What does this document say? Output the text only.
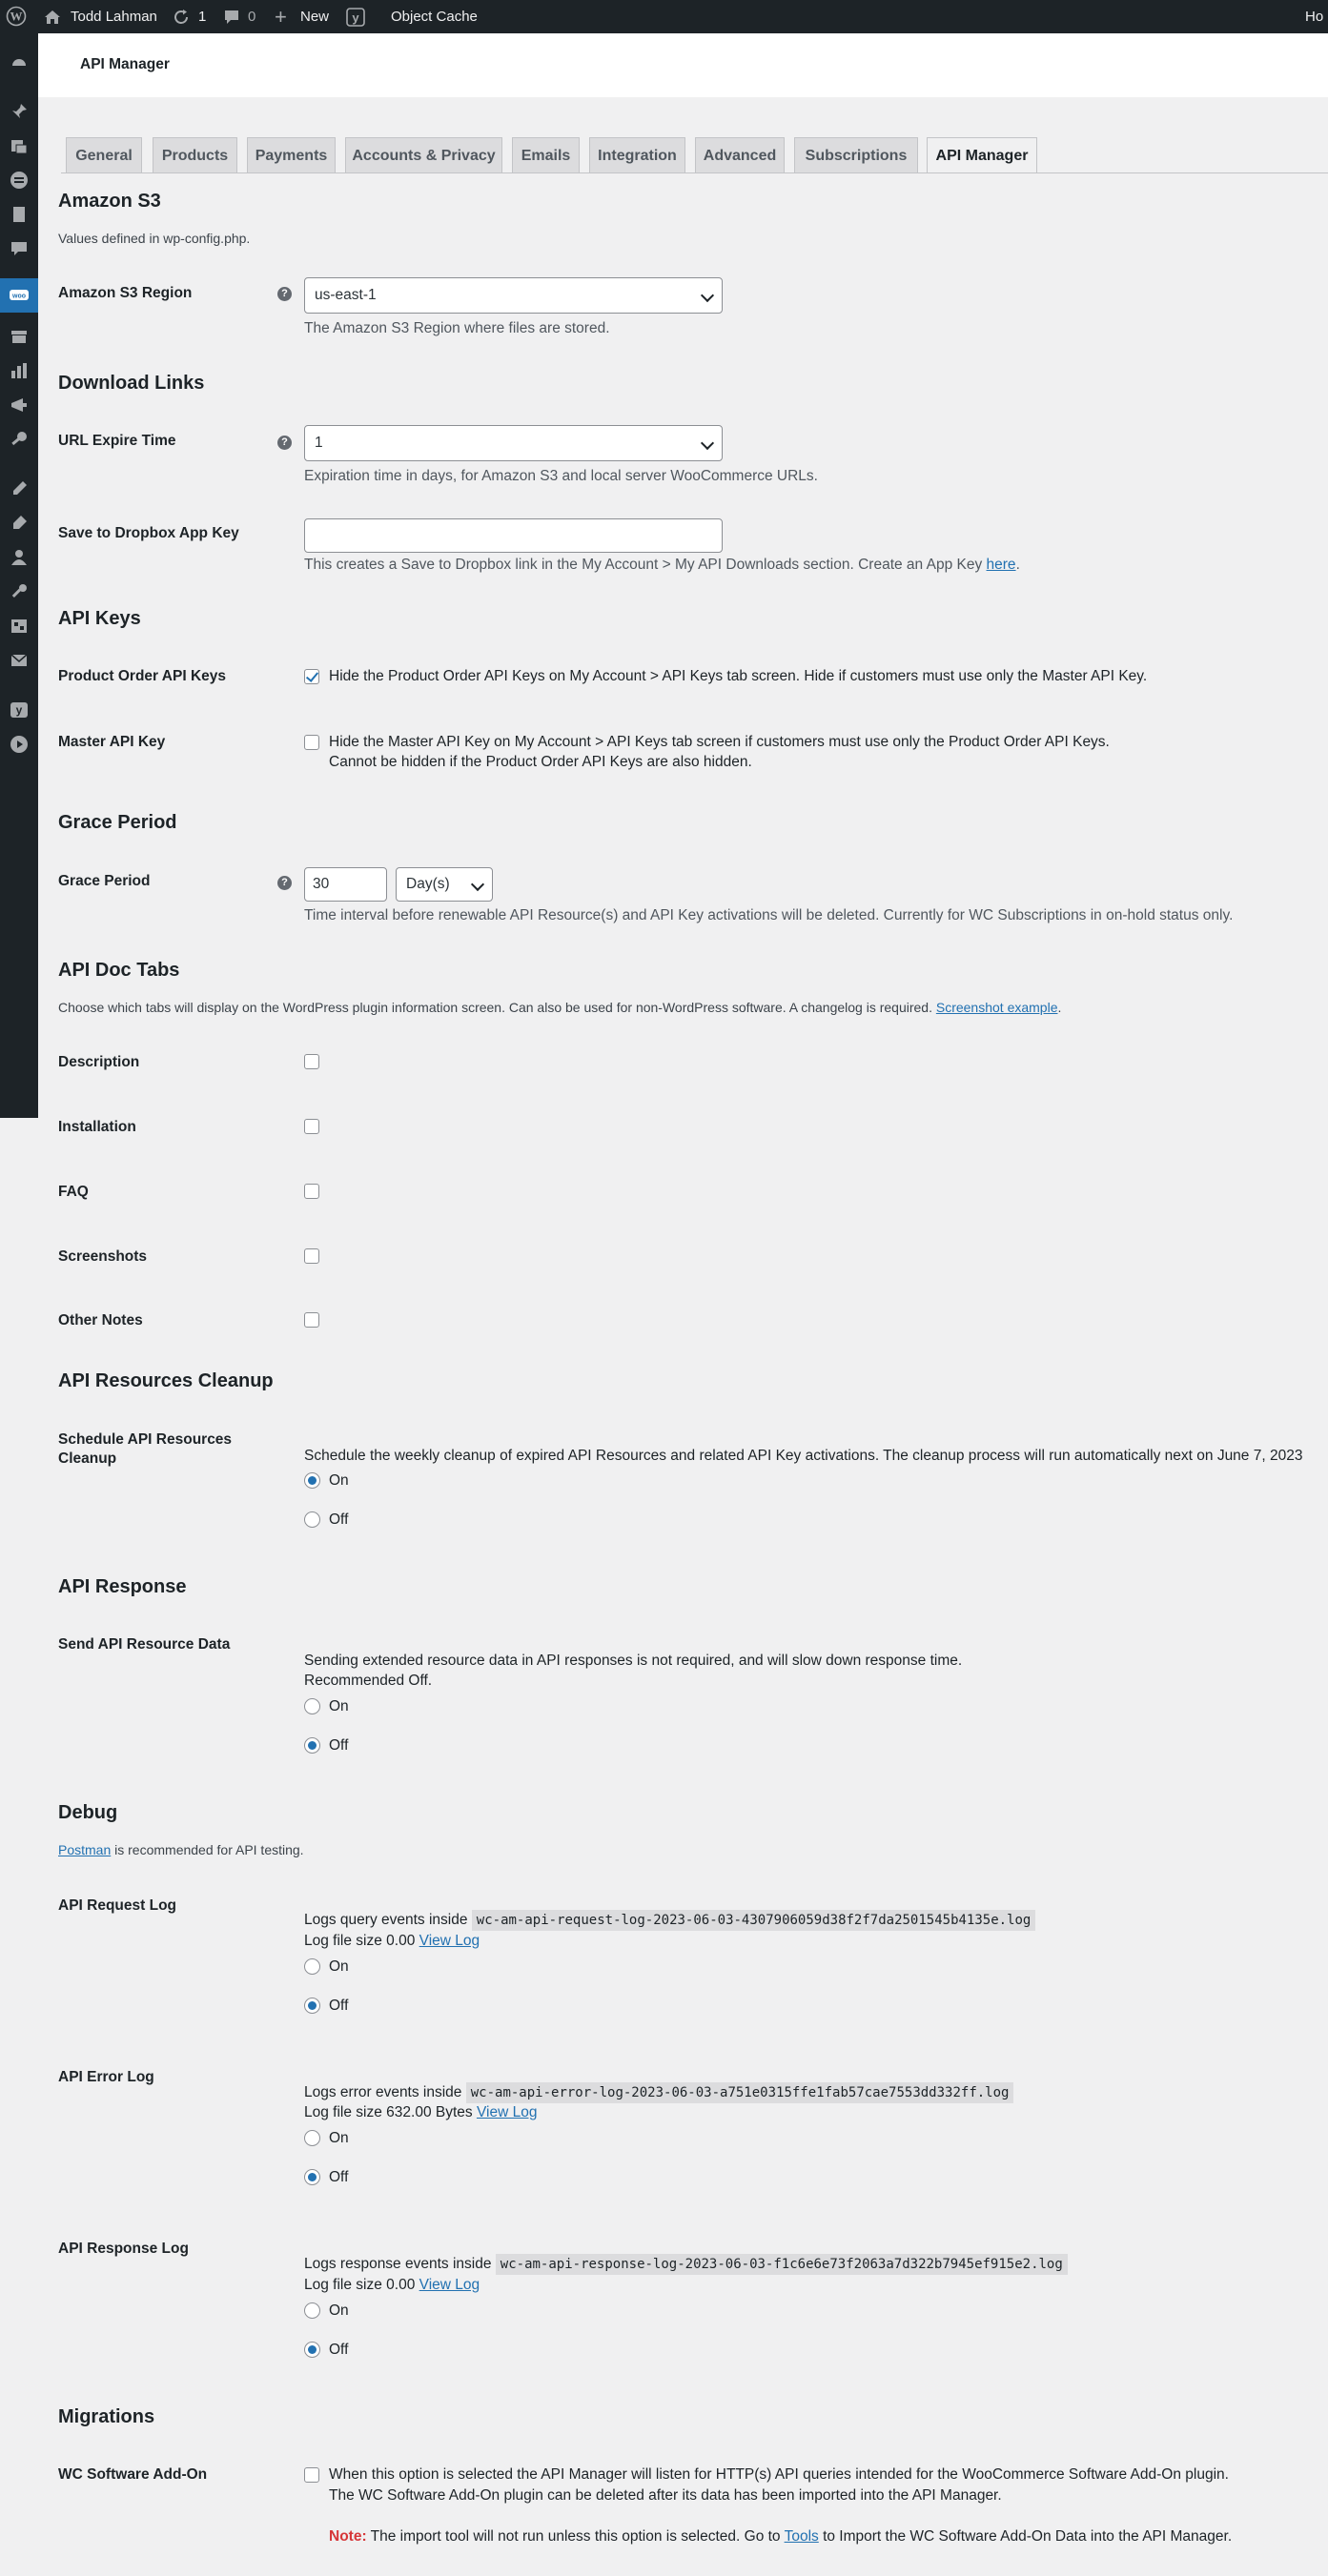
W	Todd Lahman	1	0 + New y Object Cache	Ho
woo
y
API Manager
General	Products	Payments	Accounts & Privacy	Emails	Integration	Advanced	Subscriptions	API Manager
Amazon S3
Values defined in wp-config.php.
Amazon S3 Region	?	us-east-1
The Amazon S3 Region where files are stored.
Download Links
URL Expire Time	?	1
Expiration time in days, for Amazon S3 and local server WooCommerce URLs.
Save to Dropbox App Key
This creates a Save to Dropbox link in the My Account > My API Downloads section. Create an App Key here.
API Keys
Product Order API Keys	Hide the Product Order API Keys on My Account > API Keys tab screen. Hide if customers must use only the Master API Key.
Master API Key	Hide the Master API Key on My Account > API Keys tab screen if customers must use only the Product Order API Keys.
Cannot be hidden if the Product Order API Keys are also hidden.
Grace Period
Grace Period	?	30	Day(s)
Time interval before renewable API Resource(s) and API Key activations will be deleted. Currently for WC Subscriptions in on-hold status only.
API Doc Tabs
Choose which tabs will display on the WordPress plugin information screen. Can also be used for non-WordPress software. A changelog is required. Screenshot example.
Description
Installation
FAQ
Screenshots
Other Notes
API Resources Cleanup
Schedule API Resources
Cleanup	Schedule the weekly cleanup of expired API Resources and related API Key activations. The cleanup process will run automatically next on June 7, 2023
On
Off
API Response
Send API Resource Data
Sending extended resource data in API responses is not required, and will slow down response time.
Recommended Off.
On
Off
Debug
Postman is recommended for API testing.
API Request Log
Logs query events inside wc-am-api-request-log-2023-06-03-4307906059d38f2f7da2501545b4135e.log
Log file size 0.00 View Log
On
Off
API Error Log
Logs error events inside wc-am-api-error-log-2023-06-03-a751e0315ffe1fab57cae7553dd332ff.log
Log file size 632.00 Bytes View Log
On
Off
API Response Log
Logs response events inside wc-am-api-response-log-2023-06-03-f1c6e6e73f2063a7d322b7945ef915e2.log
Log file size 0.00 View Log
On
Off
Migrations
WC Software Add-On	When this option is selected the API Manager will listen for HTTP(s) API queries intended for the WooCommerce Software Add-On plugin.
The WC Software Add-On plugin can be deleted after its data has been imported into the API Manager.
Note: The import tool will not run unless this option is selected. Go to Tools to Import the WC Software Add-On Data into the API Manager.
